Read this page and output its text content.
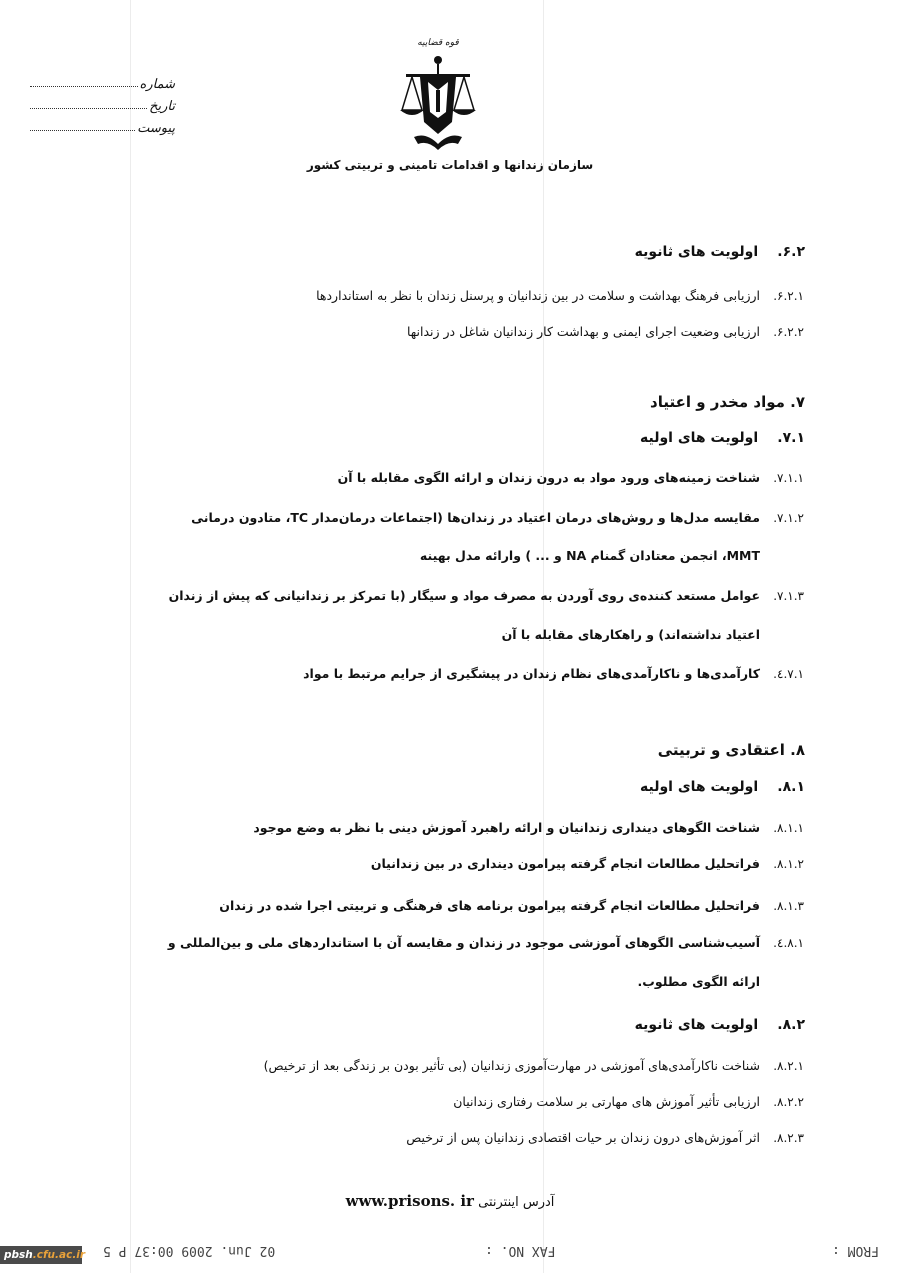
شماره
تاریخ
پیوست
قوه قضاییه
سازمان زندانها و اقدامات تامینی و تربیتی کشور
۶.۲. اولویت های ثانویه
۶.۲.۱.ارزیابی فرهنگ بهداشت و سلامت در بین زندانیان و پرسنل زندان با نظر به استانداردها
۶.۲.۲.ارزیابی وضعیت اجرای ایمنی و بهداشت کار زندانیان شاغل در زندانها
۷. مواد مخدر و اعتیاد
۷.۱. اولویت های اولیه
۷.۱.۱.شناخت زمینه‌های ورود مواد به درون زندان و ارائه الگوی مقابله با آن
۷.۱.۲.مقایسه مدل‌ها و روش‌های درمان اعتیاد در زندان‌ها (اجتماعات درمان‌مدار TC، متادون درمانی
MMT، انجمن معتادان گمنام NA و ... ) وارائه مدل بهینه
۷.۱.۳.عوامل مستعد کننده‌ی روی آوردن به مصرف مواد و سیگار (با تمرکز بر زندانیانی که پیش از زندان
اعتیاد نداشته‌اند) و راهکارهای مقابله با آن
۷.۱.٤.کارآمدی‌ها و ناکارآمدی‌های نظام زندان در پیشگیری از جرایم مرتبط با مواد
۸. اعتقادی و تربیتی
۸.۱. اولویت های اولیه
۸.۱.۱.شناخت الگوهای دینداری زندانیان و ارائه راهبرد آموزش دینی با نظر به وضع موجود
۸.۱.۲.فراتحلیل مطالعات انجام گرفته پیرامون دینداری در بین زندانیان
۸.۱.۳.فراتحلیل مطالعات انجام گرفته پیرامون برنامه های فرهنگی و تربیتی اجرا شده در زندان
۸.۱.٤.آسیب‌شناسی الگوهای آموزشی موجود در زندان و مقایسه آن با استانداردهای ملی و بین‌المللی و
ارائه الگوی مطلوب.
۸.۲. اولویت های ثانویه
۸.۲.۱.شناخت ناکارآمدی‌های آموزشی در مهارت‌آموزی زندانیان (بی تأثیر بودن بر زندگی بعد از ترخیص)
۸.۲.۲.ارزیابی تأثیر آموزش های مهارتی بر سلامت رفتاری زندانیان
۸.۲.۳.اثر آموزش‌های درون زندان بر حیات اقتصادی زندانیان پس از ترخیص
آدرس اینترنتی www.prisons. ir
02 Jun. 2009 00:37 P 5	FAX NO. :	FROM :
pbsh.cfu.ac.ir
